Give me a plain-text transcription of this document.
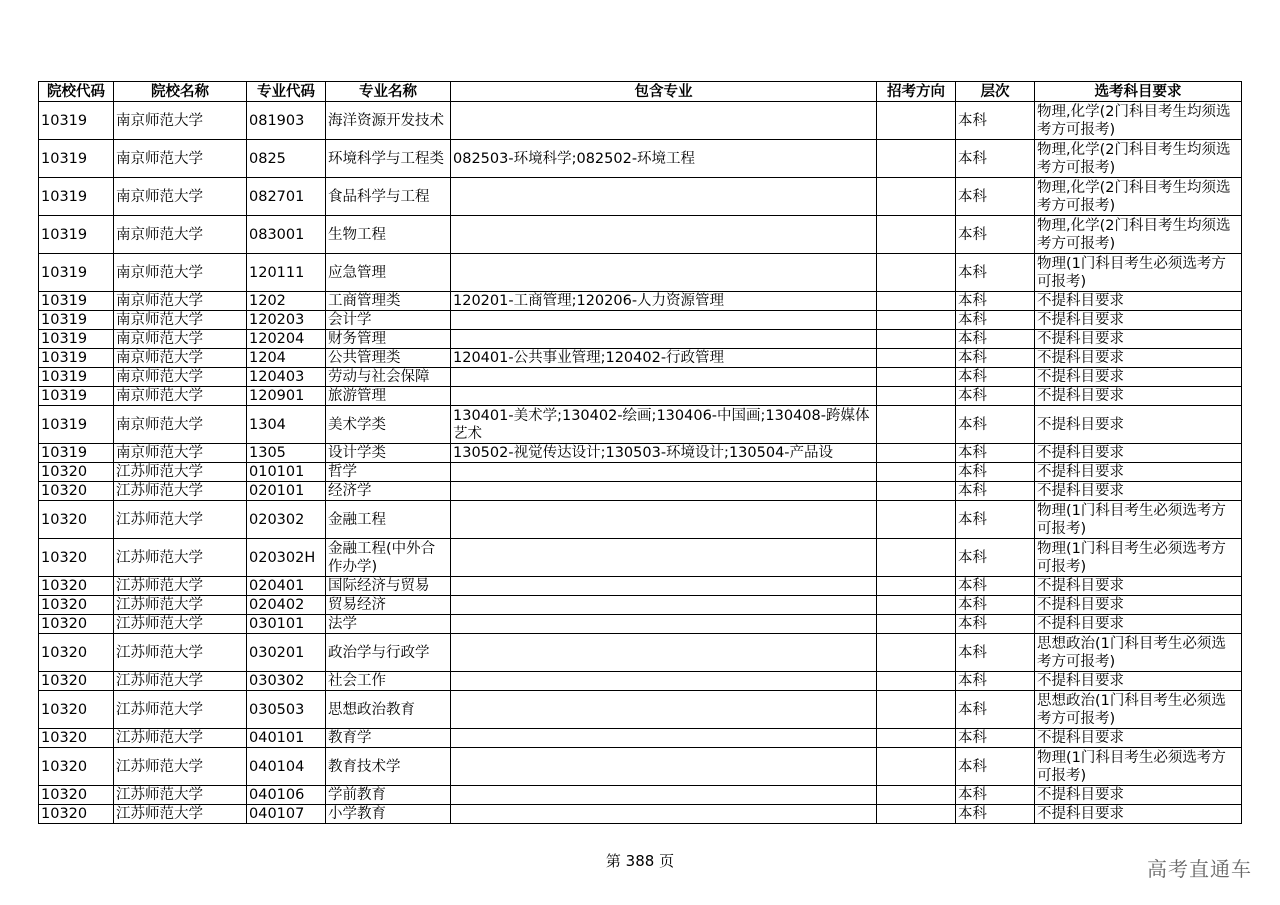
院校代码	院校名称	专业代码	专业名称	包含专业	招考方向	层次	选考科目要求
10319	南京师范大学	081903	海洋资源开发技术			本科	物理,化学(2门科目考生均须选考方可报考)
10319	南京师范大学	0825	环境科学与工程类	082503-环境科学;082502-环境工程		本科	物理,化学(2门科目考生均须选考方可报考)
10319	南京师范大学	082701	食品科学与工程			本科	物理,化学(2门科目考生均须选考方可报考)
10319	南京师范大学	083001	生物工程			本科	物理,化学(2门科目考生均须选考方可报考)
10319	南京师范大学	120111	应急管理			本科	物理(1门科目考生必须选考方可报考)
10319	南京师范大学	1202	工商管理类	120201-工商管理;120206-人力资源管理		本科	不提科目要求
10319	南京师范大学	120203	会计学			本科	不提科目要求
10319	南京师范大学	120204	财务管理			本科	不提科目要求
10319	南京师范大学	1204	公共管理类	120401-公共事业管理;120402-行政管理		本科	不提科目要求
10319	南京师范大学	120403	劳动与社会保障			本科	不提科目要求
10319	南京师范大学	120901	旅游管理			本科	不提科目要求
10319	南京师范大学	1304	美术学类	130401-美术学;130402-绘画;130406-中国画;130408-跨媒体艺术		本科	不提科目要求
10319	南京师范大学	1305	设计学类	130502-视觉传达设计;130503-环境设计;130504-产品设		本科	不提科目要求
10320	江苏师范大学	010101	哲学			本科	不提科目要求
10320	江苏师范大学	020101	经济学			本科	不提科目要求
10320	江苏师范大学	020302	金融工程			本科	物理(1门科目考生必须选考方可报考)
10320	江苏师范大学	020302H	金融工程(中外合作办学)			本科	物理(1门科目考生必须选考方可报考)
10320	江苏师范大学	020401	国际经济与贸易			本科	不提科目要求
10320	江苏师范大学	020402	贸易经济			本科	不提科目要求
10320	江苏师范大学	030101	法学			本科	不提科目要求
10320	江苏师范大学	030201	政治学与行政学			本科	思想政治(1门科目考生必须选考方可报考)
10320	江苏师范大学	030302	社会工作			本科	不提科目要求
10320	江苏师范大学	030503	思想政治教育			本科	思想政治(1门科目考生必须选考方可报考)
10320	江苏师范大学	040101	教育学			本科	不提科目要求
10320	江苏师范大学	040104	教育技术学			本科	物理(1门科目考生必须选考方可报考)
10320	江苏师范大学	040106	学前教育			本科	不提科目要求
10320	江苏师范大学	040107	小学教育			本科	不提科目要求
第 388 页	高考直通车
